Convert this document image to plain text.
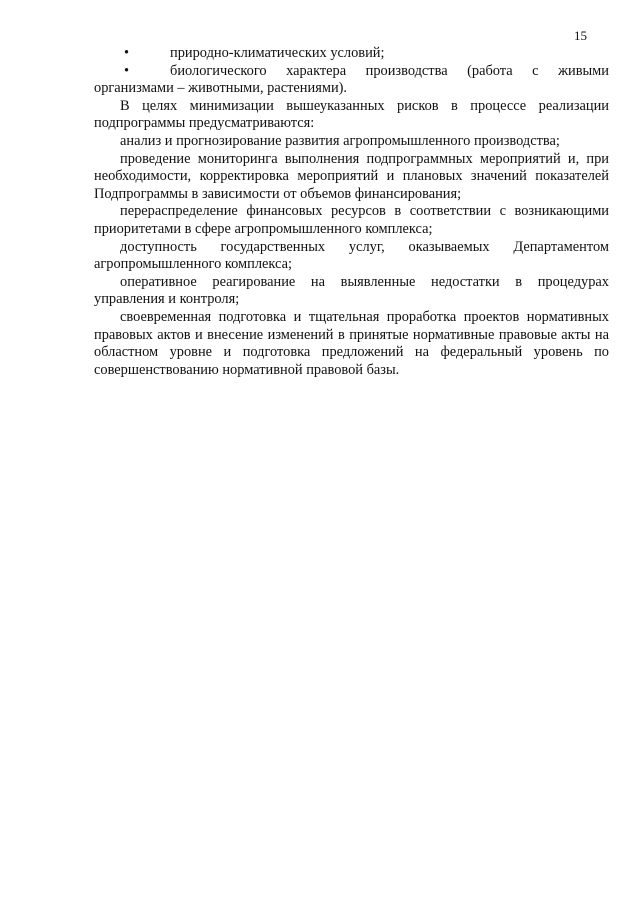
15
• природно-климатических условий;
• биологического характера производства (работа с живыми организмами – животными, растениями).
В целях минимизации вышеуказанных рисков в процессе реализации подпрограммы предусматриваются:
анализ и прогнозирование развития агропромышленного производства;
проведение мониторинга выполнения подпрограммных мероприятий и, при необходимости, корректировка мероприятий и плановых значений показателей Подпрограммы в зависимости от объемов финансирования;
перераспределение финансовых ресурсов в соответствии с возникающими приоритетами в сфере агропромышленного комплекса;
доступность государственных услуг, оказываемых Департаментом агропромышленного комплекса;
оперативное реагирование на выявленные недостатки в процедурах управления и контроля;
своевременная подготовка и тщательная проработка проектов нормативных правовых актов и внесение изменений в принятые нормативные правовые акты на областном уровне и подготовка предложений на федеральный уровень по совершенствованию нормативной правовой базы.
